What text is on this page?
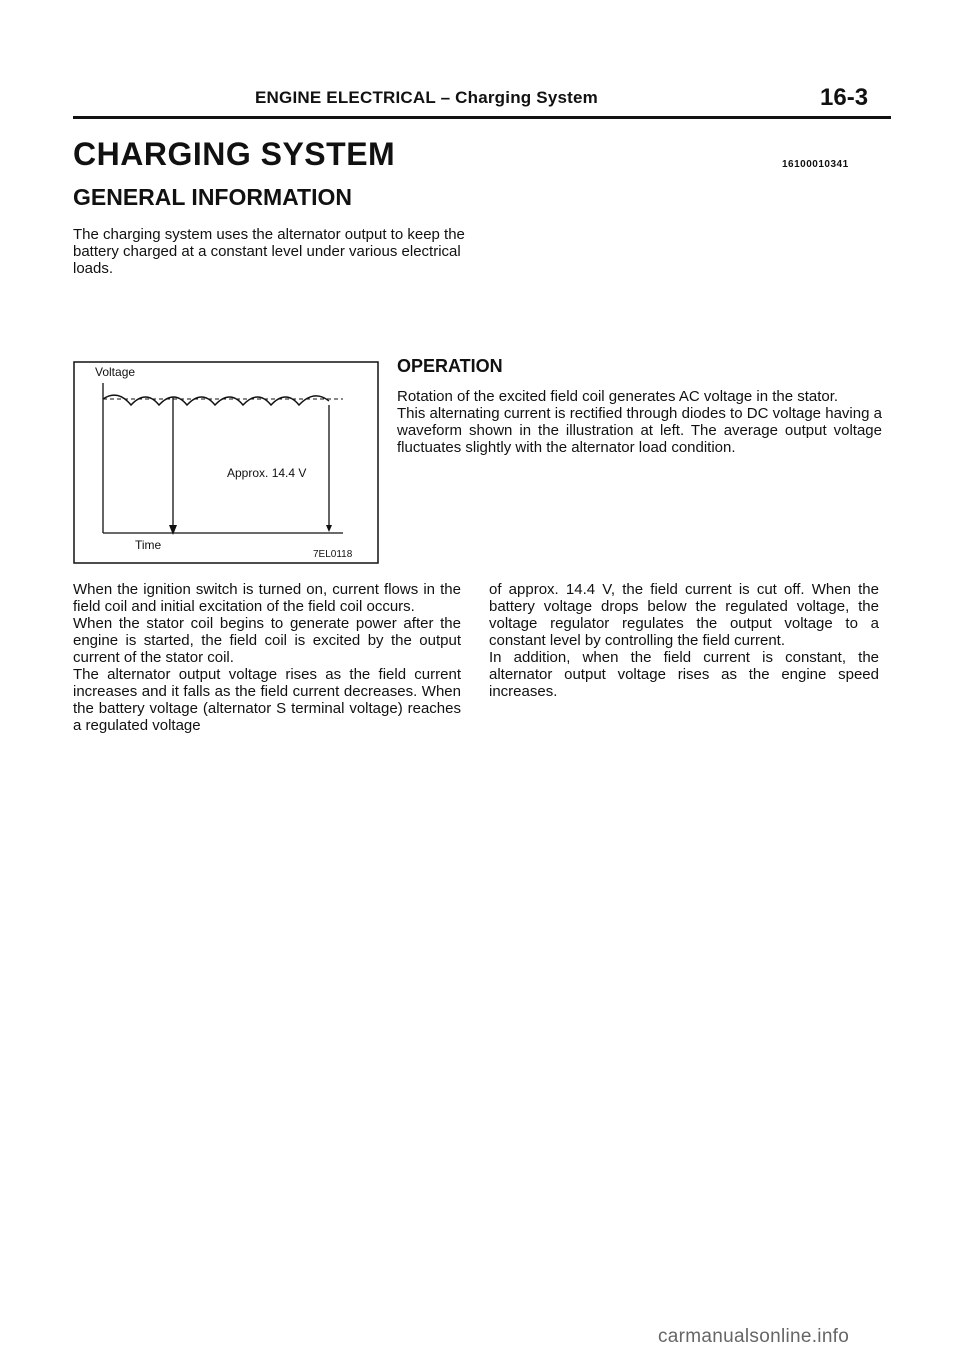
ENGINE ELECTRICAL – Charging System	16-3
CHARGING SYSTEM	16100010341
GENERAL INFORMATION

The charging system uses the alternator output to keep the battery charged at a constant level under various electrical loads.

Voltage
Approx. 14.4 V
Time
7EL0118
OPERATION

Rotation of the excited field coil generates AC voltage in the stator.

This alternating current is rectified through diodes to DC voltage having a waveform shown in the illustration at left. The average output voltage fluctuates slightly with the alternator load condition.

When the ignition switch is turned on, current flows in the field coil and initial excitation of the field coil occurs.

When the stator coil begins to generate power after the engine is started, the field coil is excited by the output current of the stator coil.

The alternator output voltage rises as the field current increases and it falls as the field current decreases. When the battery voltage (alternator S terminal voltage) reaches a regulated voltage

of approx. 14.4 V, the field current is cut off. When the battery voltage drops below the regulated voltage, the voltage regulator regulates the output voltage to a constant level by controlling the field current.

In addition, when the field current is constant, the alternator output voltage rises as the engine speed increases.

carmanualsonline.info
